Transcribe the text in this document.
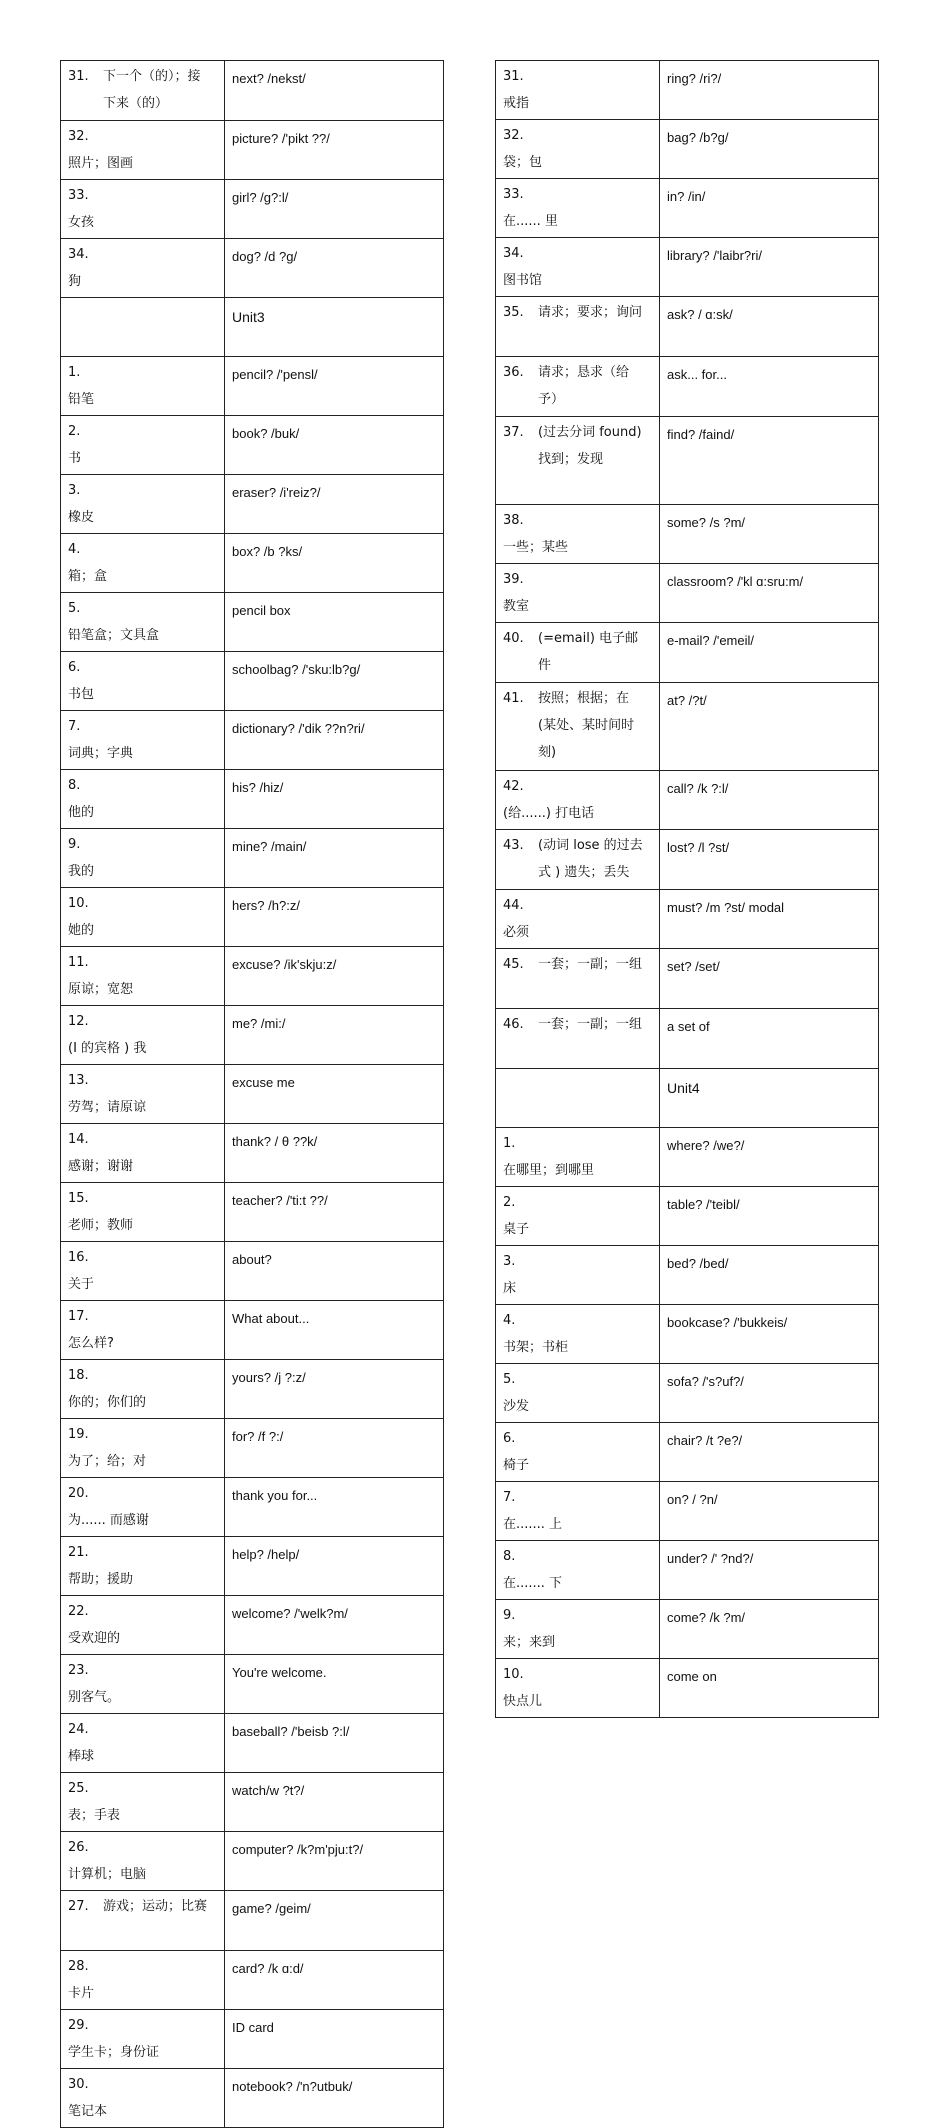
31. 下一个（的）；接下来（的）	next? /nekst/
32.照片；图画	picture? /'pikt ??/
33.女孩	girl? /g?:l/
34.狗	dog? /d ?g/
	Unit3
1.铅笔	pencil? /'pensl/
2.书	book? /buk/
3.橡皮	eraser? /i'reiz?/
4.箱；盒	box? /b ?ks/
5.铅笔盒；文具盒	pencil box
6.书包	schoolbag? /'sku:lb?g/
7.词典；字典	dictionary? /'dik ??n?ri/
8.他的	his? /hiz/
9.我的	mine? /main/
10.她的	hers? /h?:z/
11.原谅；宽恕	excuse? /ik'skju:z/
12.(I 的宾格 ) 我	me? /mi:/
13.劳驾；请原谅	excuse me
14.感谢；谢谢	thank? / θ ??k/
15.老师；教师	teacher? /'ti:t ??/
16.关于	about?
17.怎么样?	What about...
18.你的；你们的	yours? /j ?:z/
19.为了；给；对	for? /f ?:/
20.为...... 而感谢	thank you for...
21.帮助；援助	help? /help/
22.受欢迎的	welcome? /'welk?m/
23.别客气。	You're welcome.
24.棒球	baseball? /'beisb ?:l/
25.表；手表	watch/w ?t?/
26.计算机；电脑	computer? /k?m'pju:t?/
27. 游戏；运动；比赛	game? /geim/
28.卡片	card? /k ɑ:d/
29.学生卡；身份证	ID card
30.笔记本	notebook? /'n?utbuk/
31.戒指	ring? /ri?/
32.袋；包	bag? /b?g/
33.在...... 里	in? /in/
34.图书馆	library? /'laibr?ri/
35. 请求；要求；询问	ask? / ɑ:sk/
36. 请求；恳求（给予）	ask... for...
37. (过去分词 found) 找到；发现	find? /faind/
38.一些；某些	some? /s ?m/
39.教室	classroom? /'kl ɑ:sru:m/
40. (=email) 电子邮件	e-mail? /'emeil/
41. 按照；根据；在 (某处、某时间时刻)	at? /?t/
42.(给......) 打电话	call? /k ?:l/
43. (动词 lose 的过去式 ) 遗失；丢失	lost? /l ?st/
44.必须	must? /m ?st/ modal
45. 一套；一副；一组	set? /set/
46. 一套；一副；一组	a set of
	Unit4
1.在哪里；到哪里	where? /we?/
2.桌子	table? /'teibl/
3.床	bed? /bed/
4.书架；书柜	bookcase? /'bukkeis/
5.沙发	sofa? /'s?uf?/
6.椅子	chair? /t ?e?/
7.在....... 上	on? / ?n/
8.在....... 下	under? /' ?nd?/
9.来；来到	come? /k ?m/
10.快点儿	come on
